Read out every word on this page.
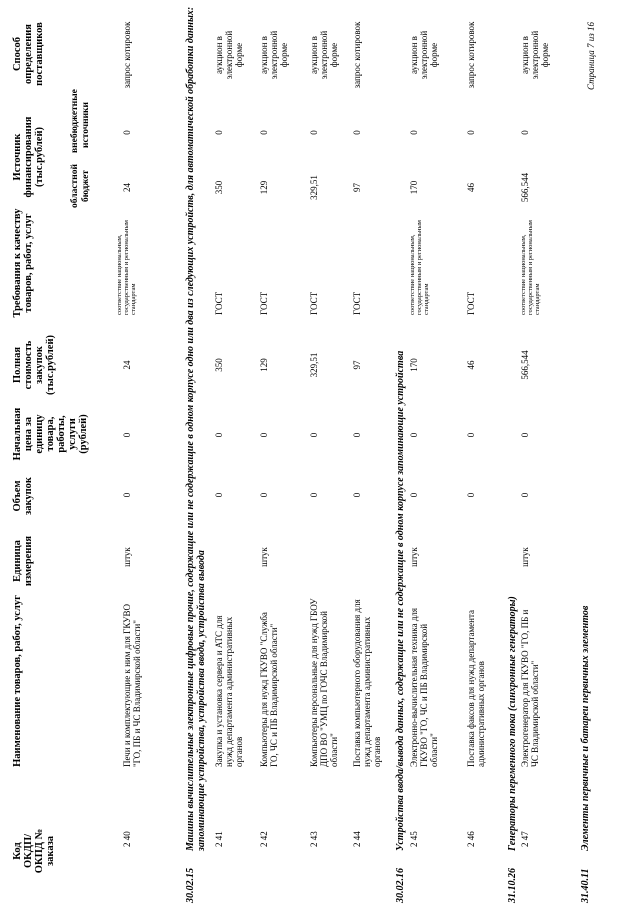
Код ОКДП/ ОКПД № заказа
Наименование товаров, работ, услуг
Единица измерения
Объем закупок
Начальная цена за единицу товара, работы, услуги (рублей)
Полная стоимость закупок (тыс.рублей)
Требования к качеству товаров, работ, услуг
Источник финансирования (тыс.рублей)	областной бюджет
внебюджетные источники
Способ определения поставщиков
2 40
Печи и комплектующие к ним для ГКУВО "ГО, ПБ и ЧС Владимирской области"
штук
0
0
24
соответствие национальным, государственным и региональным стандартам
24
0
запрос котировок
30.02.15
Машины вычислительные электронные цифровые прочие, содержащие или не содержащие в одном корпусе одно или два из следующих устройств, для автоматической обработки данных: запоминающие устройства, устройства ввода, устройства вывода 2 41
Закупка и установка сервера и АТС для нужд департамента административных органов
0
0
350
ГОСТ
350
0
аукцион в электронной форме
2 42
Компьютеры для нужд ГКУВО "Служба ГО, ЧС и ПБ Владимирской области"
штук
0
0
129
ГОСТ
129
0
аукцион в электронной форме
2 43
Компьютеры персональные для нужд ГБОУ ДПО ВО "УМЦ по ГОЧС Владимирской области"
0
0
329,51
ГОСТ
329,51
0
аукцион в электронной форме
2 44
Поставка компьютерного оборудования для нужд департамента административных органов
0
0
97
ГОСТ
97
0
запрос котировок
30.02.16
Устройства ввода/вывода данных, содержащие или не содержащие в одном корпусе запоминающие устройства 2 45
Электронно-вычислительная техника для ГКУВО "ГО, ЧС и ПБ Владимирской области"
штук
0
0
170
соответствие национальным, государственным и региональным стандартам
170
0
аукцион в электронной форме
2 46
Поставка факсов для нужд департамента административных органов
0
0
46
ГОСТ
46
0
запрос котировок
31.10.26
Генераторы переменного тока (синхронные генераторы) 2 47
Электрогенератор для ГКУВО "ГО, ПБ и ЧС Владимирской области"
штук
0
0
566,544
соответствие национальным, государственным и региональным стандартам
566,544
0
аукцион в электронной форме
31.40.11
Элементы первичные и батареи первичных элементов
Страница 7 из 16
